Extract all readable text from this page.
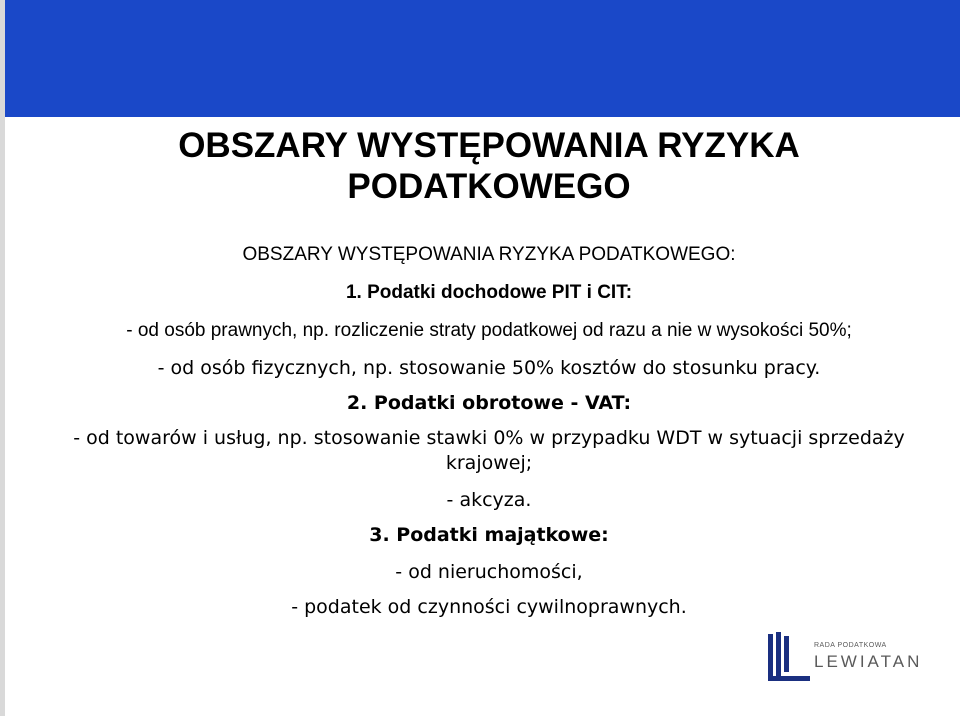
OBSZARY WYSTĘPOWANIA RYZYKA
PODATKOWEGO

OBSZARY WYSTĘPOWANIA RYZYKA PODATKOWEGO:

1. Podatki dochodowe PIT i CIT:

- od osób prawnych, np. rozliczenie straty podatkowej od razu a nie w wysokości 50%;

- od osób fizycznych, np. stosowanie 50% kosztów do stosunku pracy.

2. Podatki obrotowe - VAT:

- od towarów i usług, np. stosowanie stawki 0% w przypadku WDT w sytuacji sprzedaży

krajowej;

- akcyza.

3. Podatki majątkowe:

- od nieruchomości,

- podatek od czynności cywilnoprawnych.

RADA PODATKOWA
LEWIATAN
